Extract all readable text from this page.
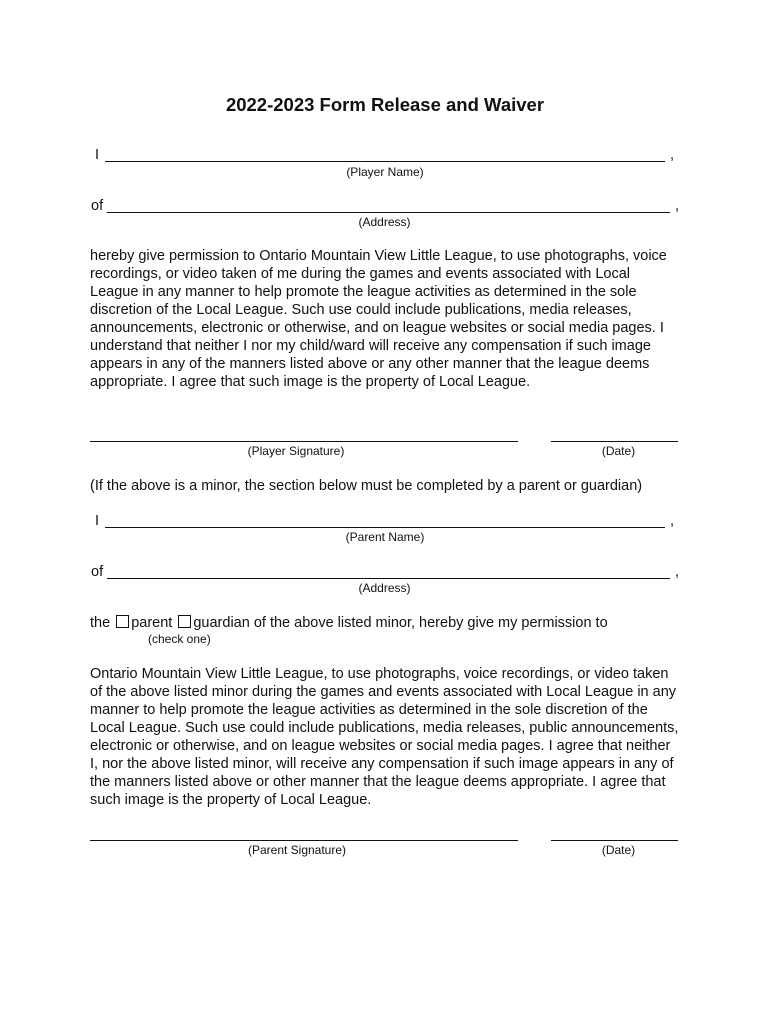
2022-2023 Form Release and Waiver
I	,
(Player Name)
of	,
(Address)
hereby give permission to Ontario Mountain View Little League, to use photographs, voice recordings, or video taken of me during the games and events associated with Local League in any manner to help promote the league activities as determined in the sole discretion of the Local League. Such use could include publications, media releases, announcements, electronic or otherwise, and on league websites or social media pages. I understand that neither I nor my child/ward will receive any compensation if such image appears in any of the manners listed above or any other manner that the league deems appropriate. I agree that such image is the property of Local League.
(Player Signature)	(Date)
(If the above is a minor, the section below must be completed by a parent or guardian)
I	,
(Parent Name)
of	,
(Address)
the parent guardian of the above listed minor, hereby give my permission to
(check one)
Ontario Mountain View Little League, to use photographs, voice recordings, or video taken of the above listed minor during the games and events associated with Local League in any manner to help promote the league activities as determined in the sole discretion of the Local League. Such use could include publications, media releases, public announcements, electronic or otherwise, and on league websites or social media pages. I agree that neither I, nor the above listed minor, will receive any compensation if such image appears in any of the manners listed above or other manner that the league deems appropriate. I agree that such image is the property of Local League.
(Parent Signature)	(Date)
